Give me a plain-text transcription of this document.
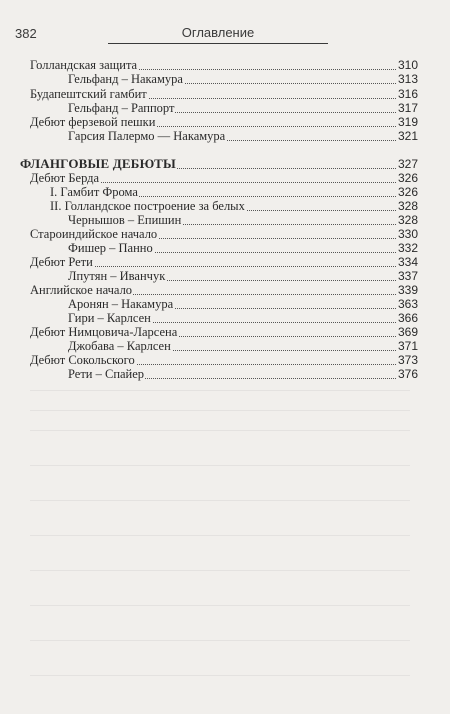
382	Оглавление
Голландская защита	310
Гельфанд – Накамура	313
Будапештский гамбит	316
Гельфанд – Раппорт	317
Дебют ферзевой пешки	319
Гарсия Палермо — Накамура	321
ФЛАНГОВЫЕ ДЕБЮТЫ	327
Дебют Берда	326
I. Гамбит Фрома	326
II. Голландское построение за белых	328
Чернышов – Епишин	328
Староиндийское начало	330
Фишер – Панно	332
Дебют Рети	334
Лпутян – Иванчук	337
Английское начало	339
Аронян – Накамура	363
Гири – Карлсен	366
Дебют Нимцовича-Ларсена	369
Джобава – Карлсен	371
Дебют Сокольского	373
Рети – Спайер	376
